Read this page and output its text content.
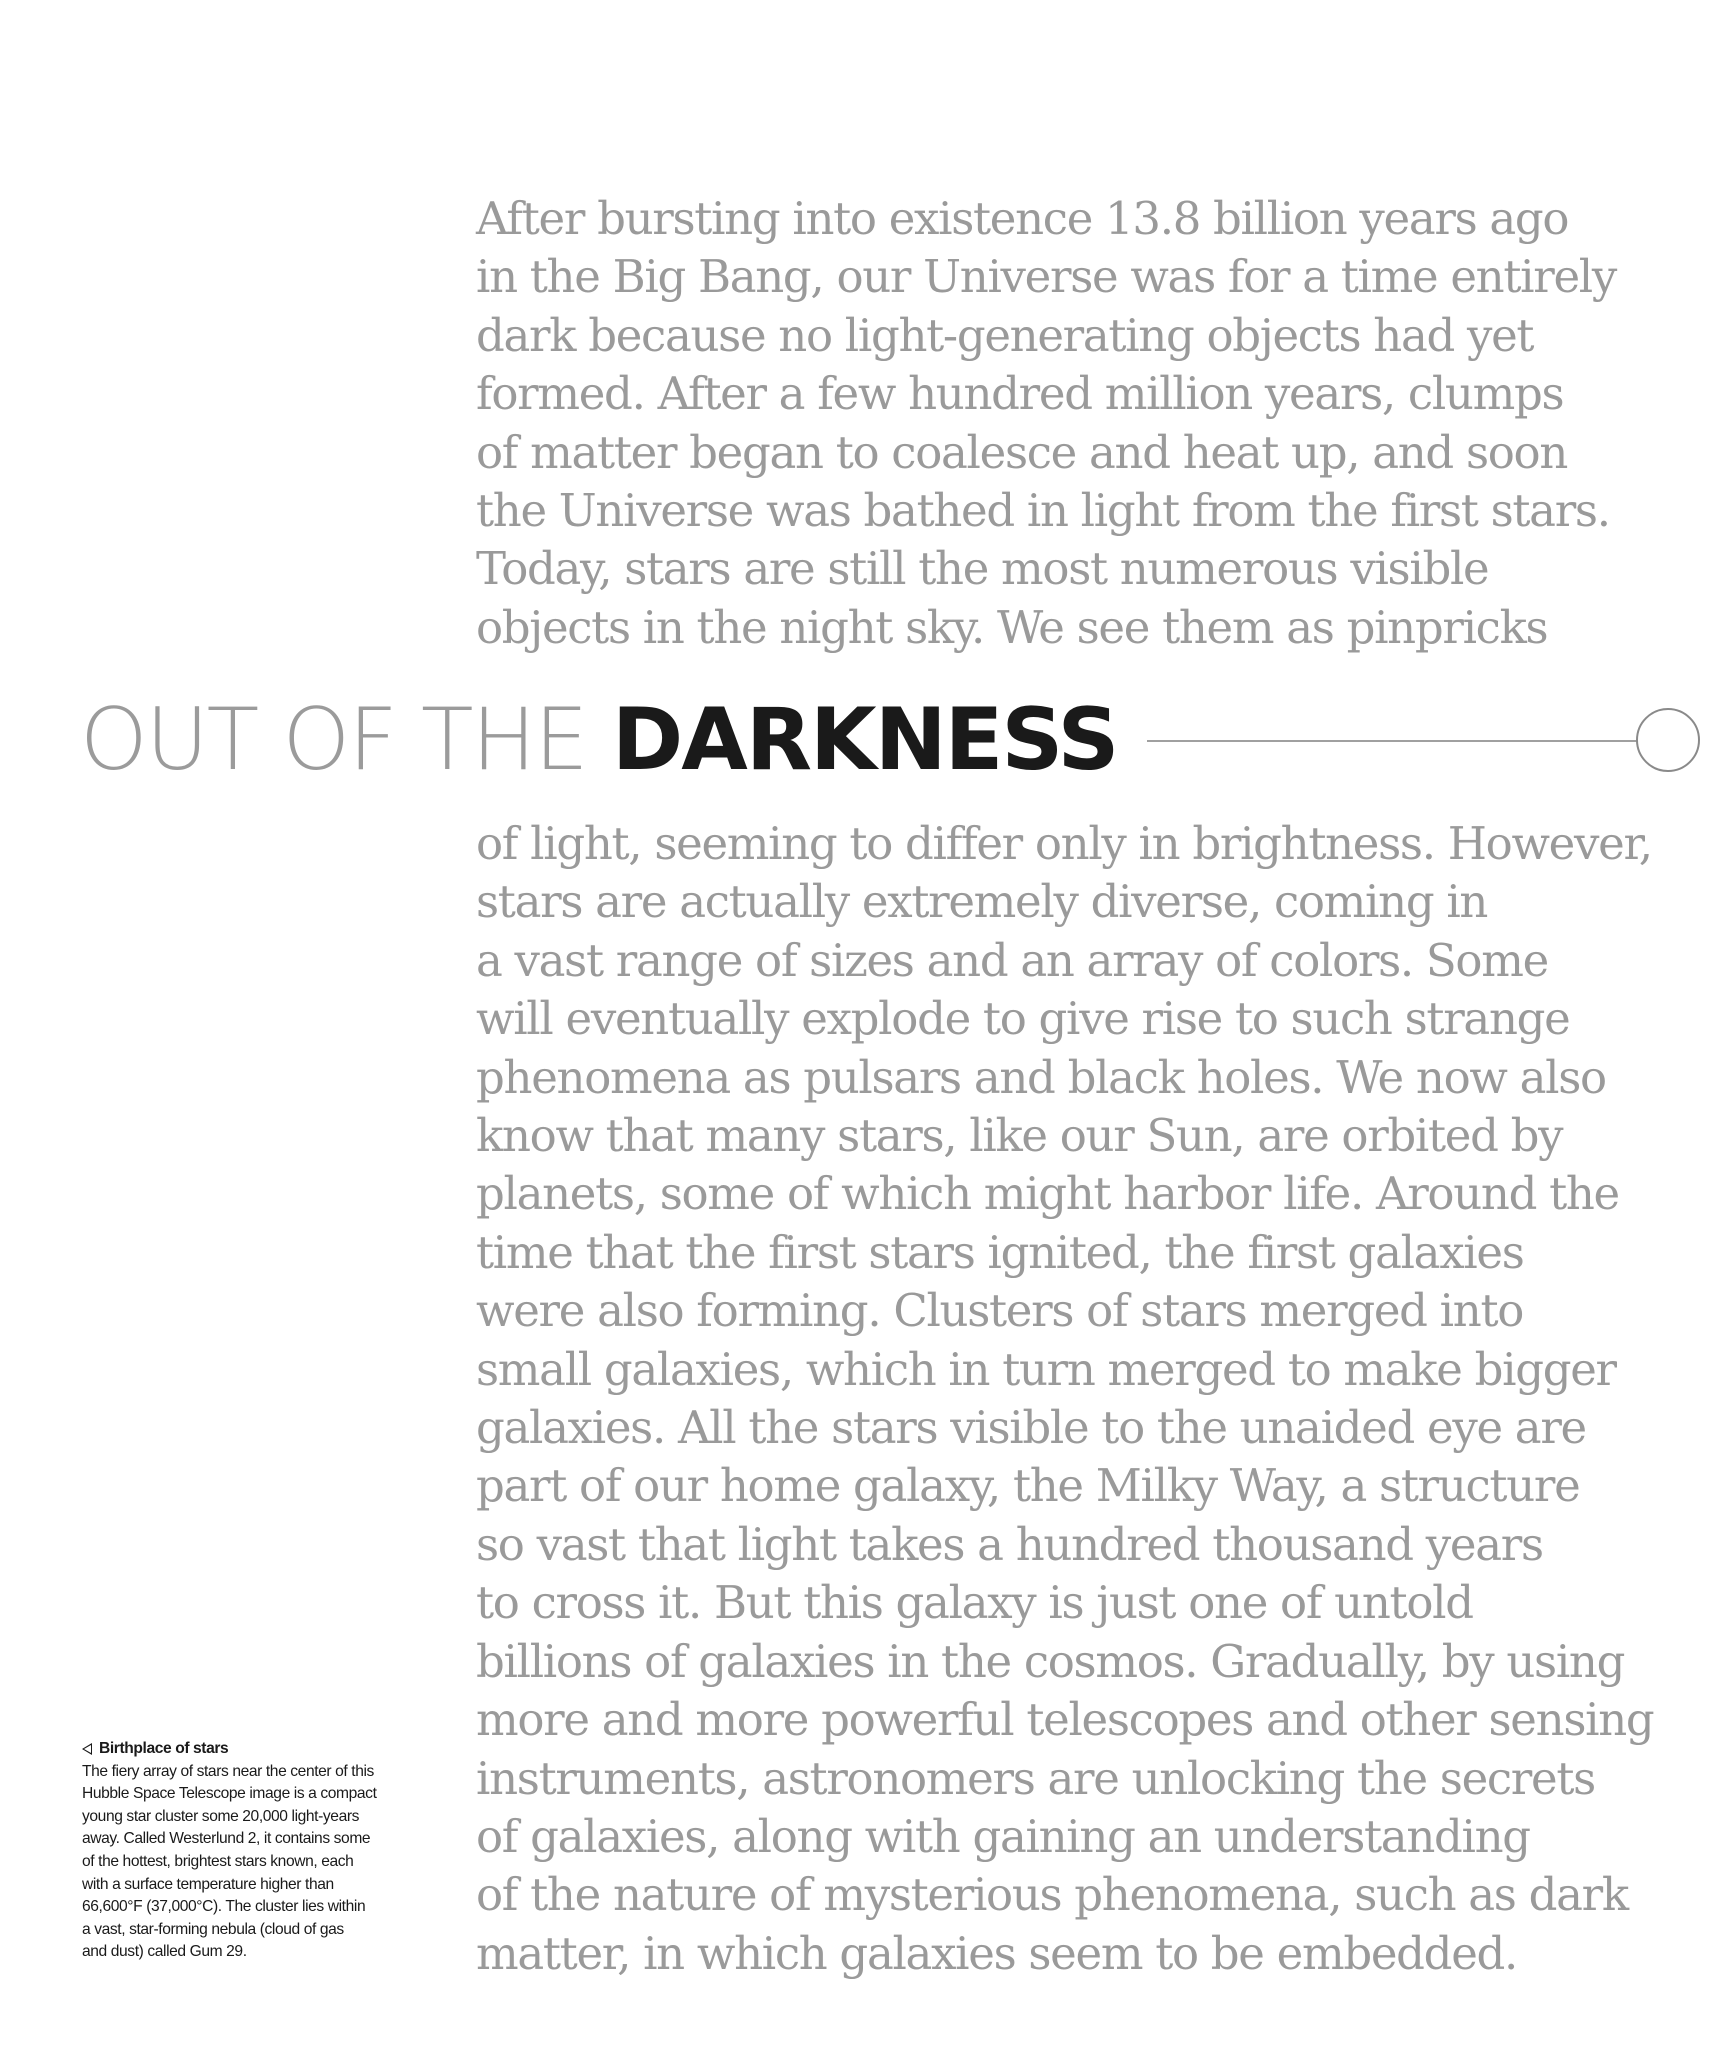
After bursting into existence 13.8 billion years ago
in the Big Bang, our Universe was for a time entirely
dark because no light-generating objects had yet
formed. After a few hundred million years, clumps
of matter began to coalesce and heat up, and soon
the Universe was bathed in light from the first stars.
Today, stars are still the most numerous visible
objects in the night sky. We see them as pinpricks

OUT OF THE DARKNESS

of light, seeming to differ only in brightness. However,
stars are actually extremely diverse, coming in
a vast range of sizes and an array of colors. Some
will eventually explode to give rise to such strange
phenomena as pulsars and black holes. We now also
know that many stars, like our Sun, are orbited by
planets, some of which might harbor life. Around the
time that the first stars ignited, the first galaxies
were also forming. Clusters of stars merged into
small galaxies, which in turn merged to make bigger
galaxies. All the stars visible to the unaided eye are
part of our home galaxy, the Milky Way, a structure
so vast that light takes a hundred thousand years
to cross it. But this galaxy is just one of untold
billions of galaxies in the cosmos. Gradually, by using
more and more powerful telescopes and other sensing
instruments, astronomers are unlocking the secrets
of galaxies, along with gaining an understanding
of the nature of mysterious phenomena, such as dark
matter, in which galaxies seem to be embedded.

Birthplace of stars
The fiery array of stars near the center of this
Hubble Space Telescope image is a compact
young star cluster some 20,000 light-years
away. Called Westerlund 2, it contains some
of the hottest, brightest stars known, each
with a surface temperature higher than
66,600°F (37,000°C). The cluster lies within
a vast, star-forming nebula (cloud of gas
and dust) called Gum 29.
